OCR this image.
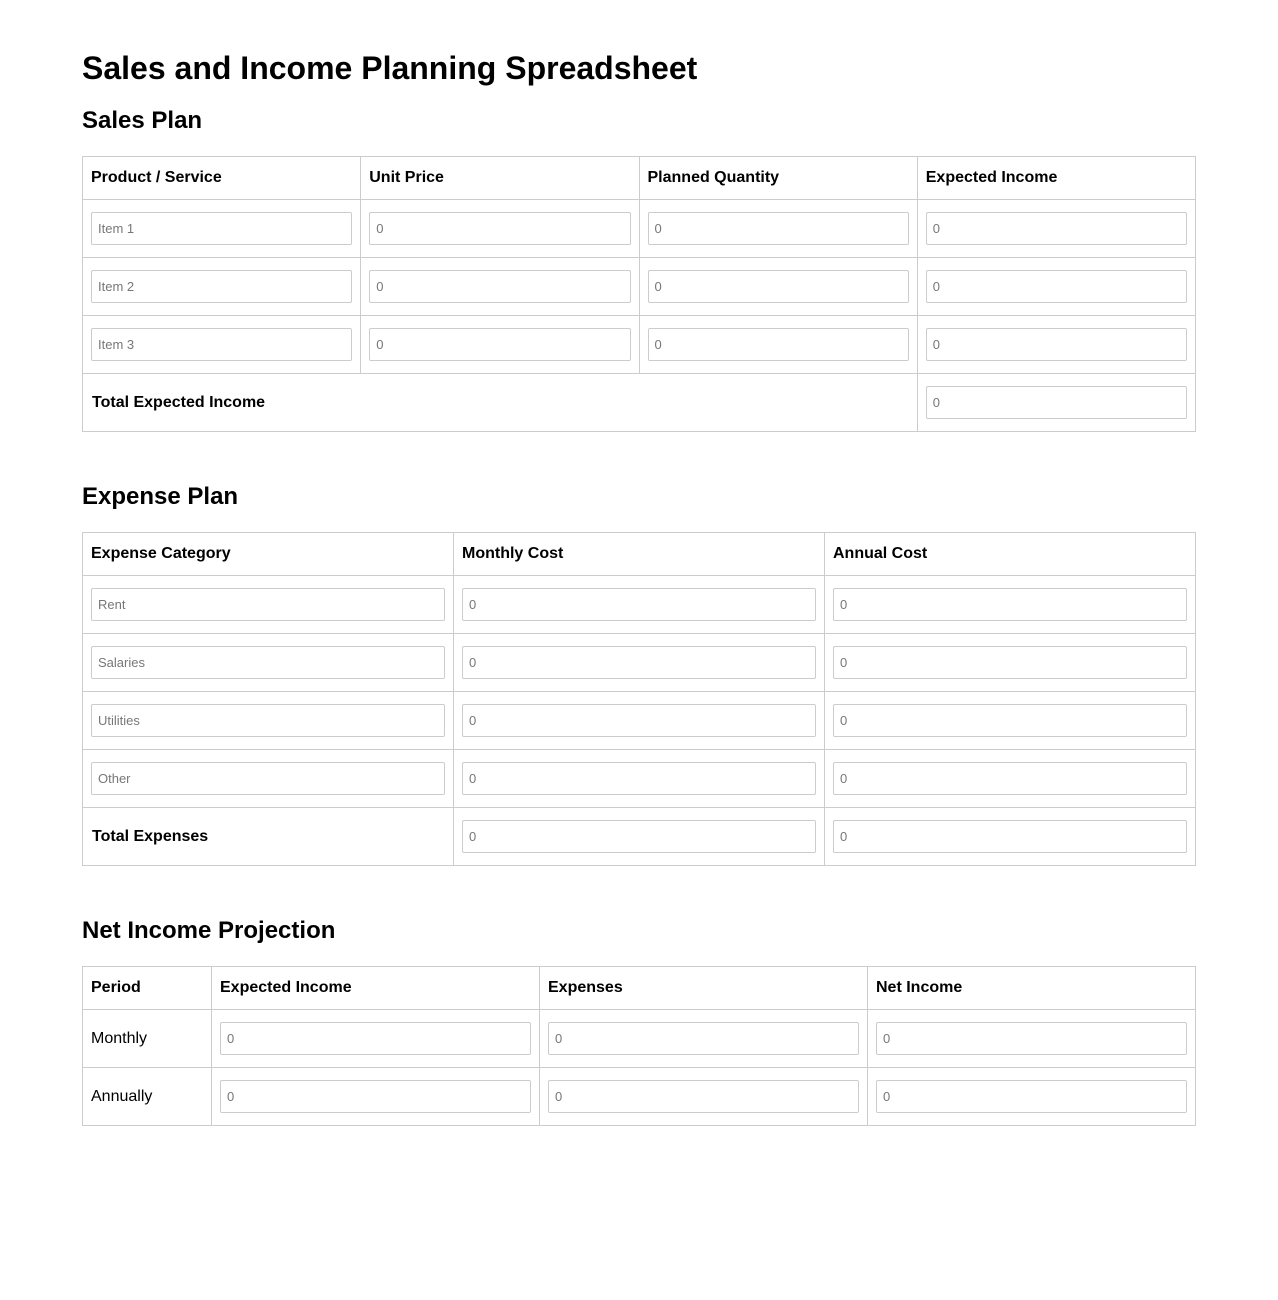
Sales and Income Planning Spreadsheet
Sales Plan
Product / Service	Unit Price	Planned Quantity	Expected Income
Item 1	0	0	0
Item 2	0	0	0
Item 3	0	0	0
Total Expected Income	0
Expense Plan
Expense Category	Monthly Cost	Annual Cost
Rent	0	0
Salaries	0	0
Utilities	0	0
Other	0	0
Total Expenses	0	0
Net Income Projection
Period	Expected Income	Expenses	Net Income
Monthly	0	0	0
Annually	0	0	0
